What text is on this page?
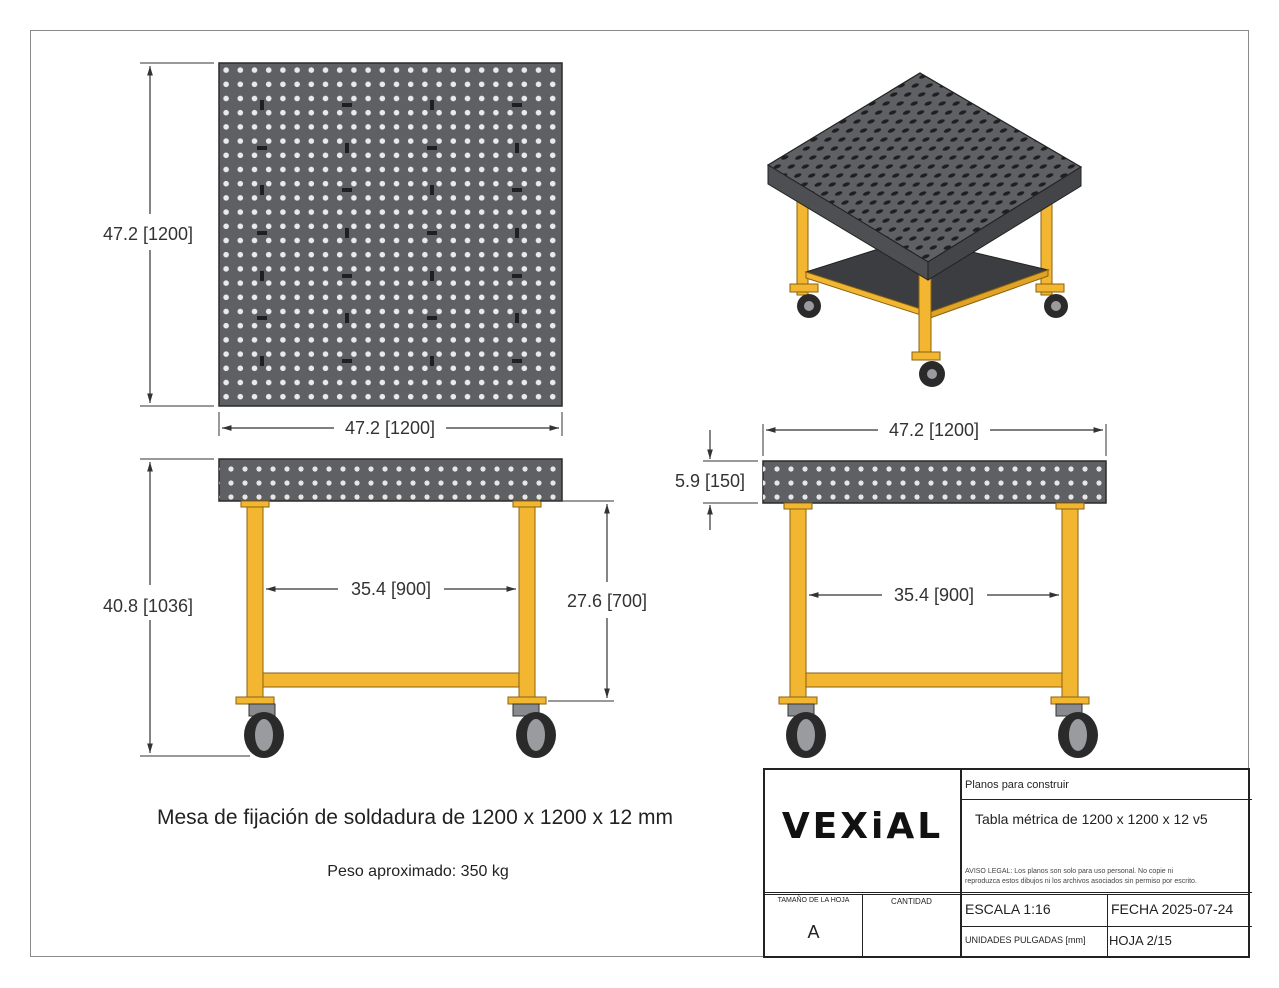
47.2 [1200]
47.2 [1200]
40.8 [1036]
35.4 [900]
27.6 [700]
47.2 [1200]
5.9 [150]
35.4 [900]
Mesa de fijación de soldadura de 1200 x 1200 x 12 mm
Peso aproximado: 350 kg
VEXiAL
Planos para construir
Tabla métrica de 1200 x 1200 x 12 v5
AVISO LEGAL: Los planos son solo para uso personal. No copie ni
reproduzca estos dibujos ni los archivos asociados sin permiso por escrito.
TAMAÑO DE LA HOJA
A
CANTIDAD	ESCALA 1:16	FECHA 2025-07-24
UNIDADES PULGADAS [mm] HOJA 2/15
